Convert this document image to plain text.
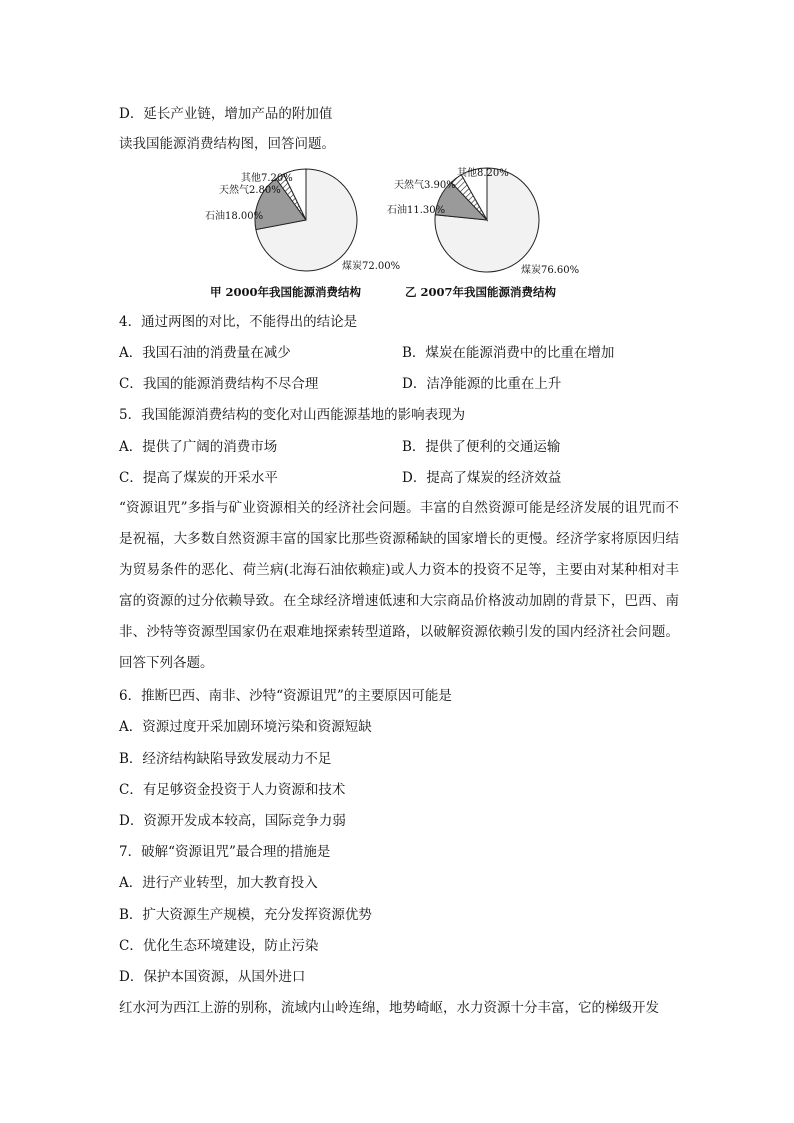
D．延长产业链，增加产品的附加值
读我国能源消费结构图，回答问题。
煤炭72.00%
石油18.00%
天然气2.80%
其他7.20%
甲 2000年我国能源消费结构
煤炭76.60%
石油11.30%
天然气3.90%
其他8.20%
乙 2007年我国能源消费结构
4．通过两图的对比，不能得出的结论是
A．我国石油的消费量在减少	B．煤炭在能源消费中的比重在增加
C．我国的能源消费结构不尽合理	D．洁净能源的比重在上升
5．我国能源消费结构的变化对山西能源基地的影响表现为
A．提供了广阔的消费市场	B．提供了便利的交通运输
C．提高了煤炭的开采水平	D．提高了煤炭的经济效益
“资源诅咒”多指与矿业资源相关的经济社会问题。丰富的自然资源可能是经济发展的诅咒而不是祝福，大多数自然资源丰富的国家比那些资源稀缺的国家增长的更慢。经济学家将原因归结为贸易条件的恶化、荷兰病(北海石油依赖症)或人力资本的投资不足等，主要由对某种相对丰富的资源的过分依赖导致。在全球经济增速低速和大宗商品价格波动加剧的背景下，巴西、南非、沙特等资源型国家仍在艰难地探索转型道路，以破解资源依赖引发的国内经济社会问题。回答下列各题。
6．推断巴西、南非、沙特“资源诅咒”的主要原因可能是
A．资源过度开采加剧环境污染和资源短缺
B．经济结构缺陷导致发展动力不足
C．有足够资金投资于人力资源和技术
D．资源开发成本较高，国际竞争力弱
7．破解“资源诅咒”最合理的措施是
A．进行产业转型，加大教育投入
B．扩大资源生产规模，充分发挥资源优势
C．优化生态环境建设，防止污染
D．保护本国资源，从国外进口
红水河为西江上游的别称，流域内山岭连绵，地势崎岖，水力资源十分丰富，它的梯级开发
